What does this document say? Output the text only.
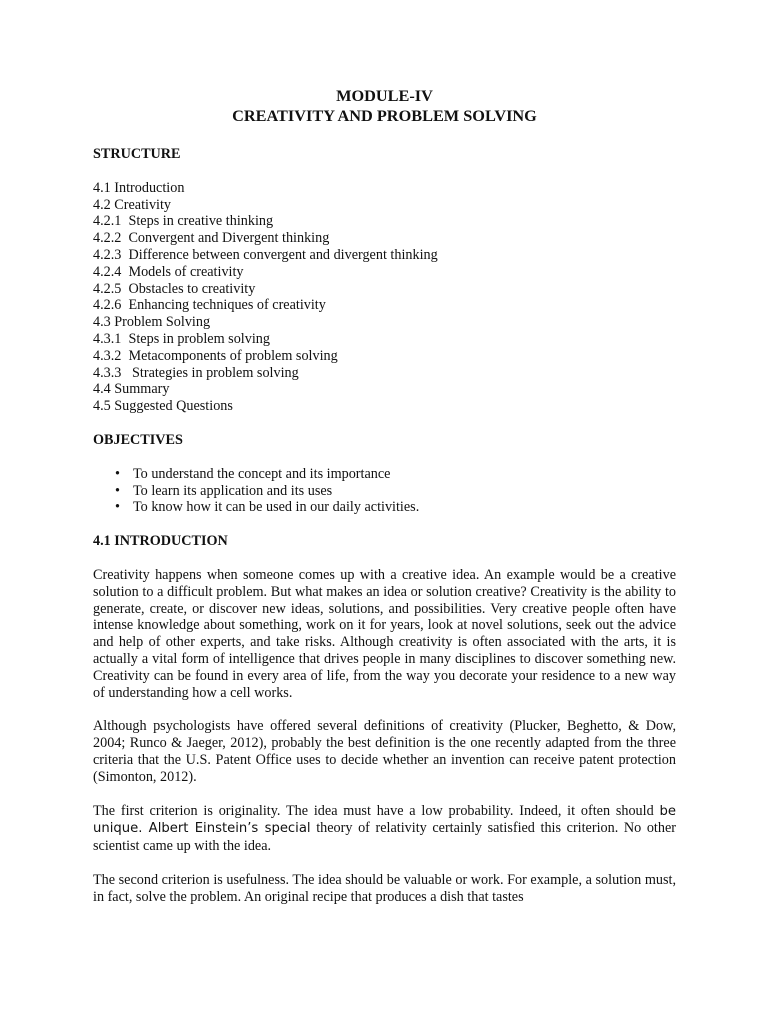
MODULE-IV
CREATIVITY AND PROBLEM SOLVING
STRUCTURE
4.1 Introduction
4.2 Creativity
4.2.1  Steps in creative thinking
4.2.2  Convergent and Divergent thinking
4.2.3  Difference between convergent and divergent thinking
4.2.4  Models of creativity
4.2.5  Obstacles to creativity
4.2.6  Enhancing techniques of creativity
4.3 Problem Solving
4.3.1  Steps in problem solving
4.3.2  Metacomponents of problem solving
4.3.3   Strategies in problem solving
4.4 Summary
4.5 Suggested Questions
OBJECTIVES
• To understand the concept and its importance
• To learn its application and its uses
• To know how it can be used in our daily activities.
4.1 INTRODUCTION

Creativity happens when someone comes up with a creative idea. An example would be a creative solution to a difficult problem. But what makes an idea or solution creative? Creativity is the ability to generate, create, or discover new ideas, solutions, and possibilities. Very creative people often have intense knowledge about something, work on it for years, look at novel solutions, seek out the advice and help of other experts, and take risks. Although creativity is often associated with the arts, it is actually a vital form of intelligence that drives people in many disciplines to discover something new. Creativity can be found in every area of life, from the way you decorate your residence to a new way of understanding how a cell works.

Although psychologists have offered several definitions of creativity (Plucker, Beghetto, & Dow, 2004; Runco & Jaeger, 2012), probably the best definition is the one recently adapted from the three criteria that the U.S. Patent Office uses to decide whether an invention can receive patent protection (Simonton, 2012).

The first criterion is originality. The idea must have a low probability. Indeed, it often should be unique. Albert Einstein’s special theory of relativity certainly satisfied this criterion. No other scientist came up with the idea.

The second criterion is usefulness. The idea should be valuable or work. For example, a solution must, in fact, solve the problem. An original recipe that produces a dish that tastes
